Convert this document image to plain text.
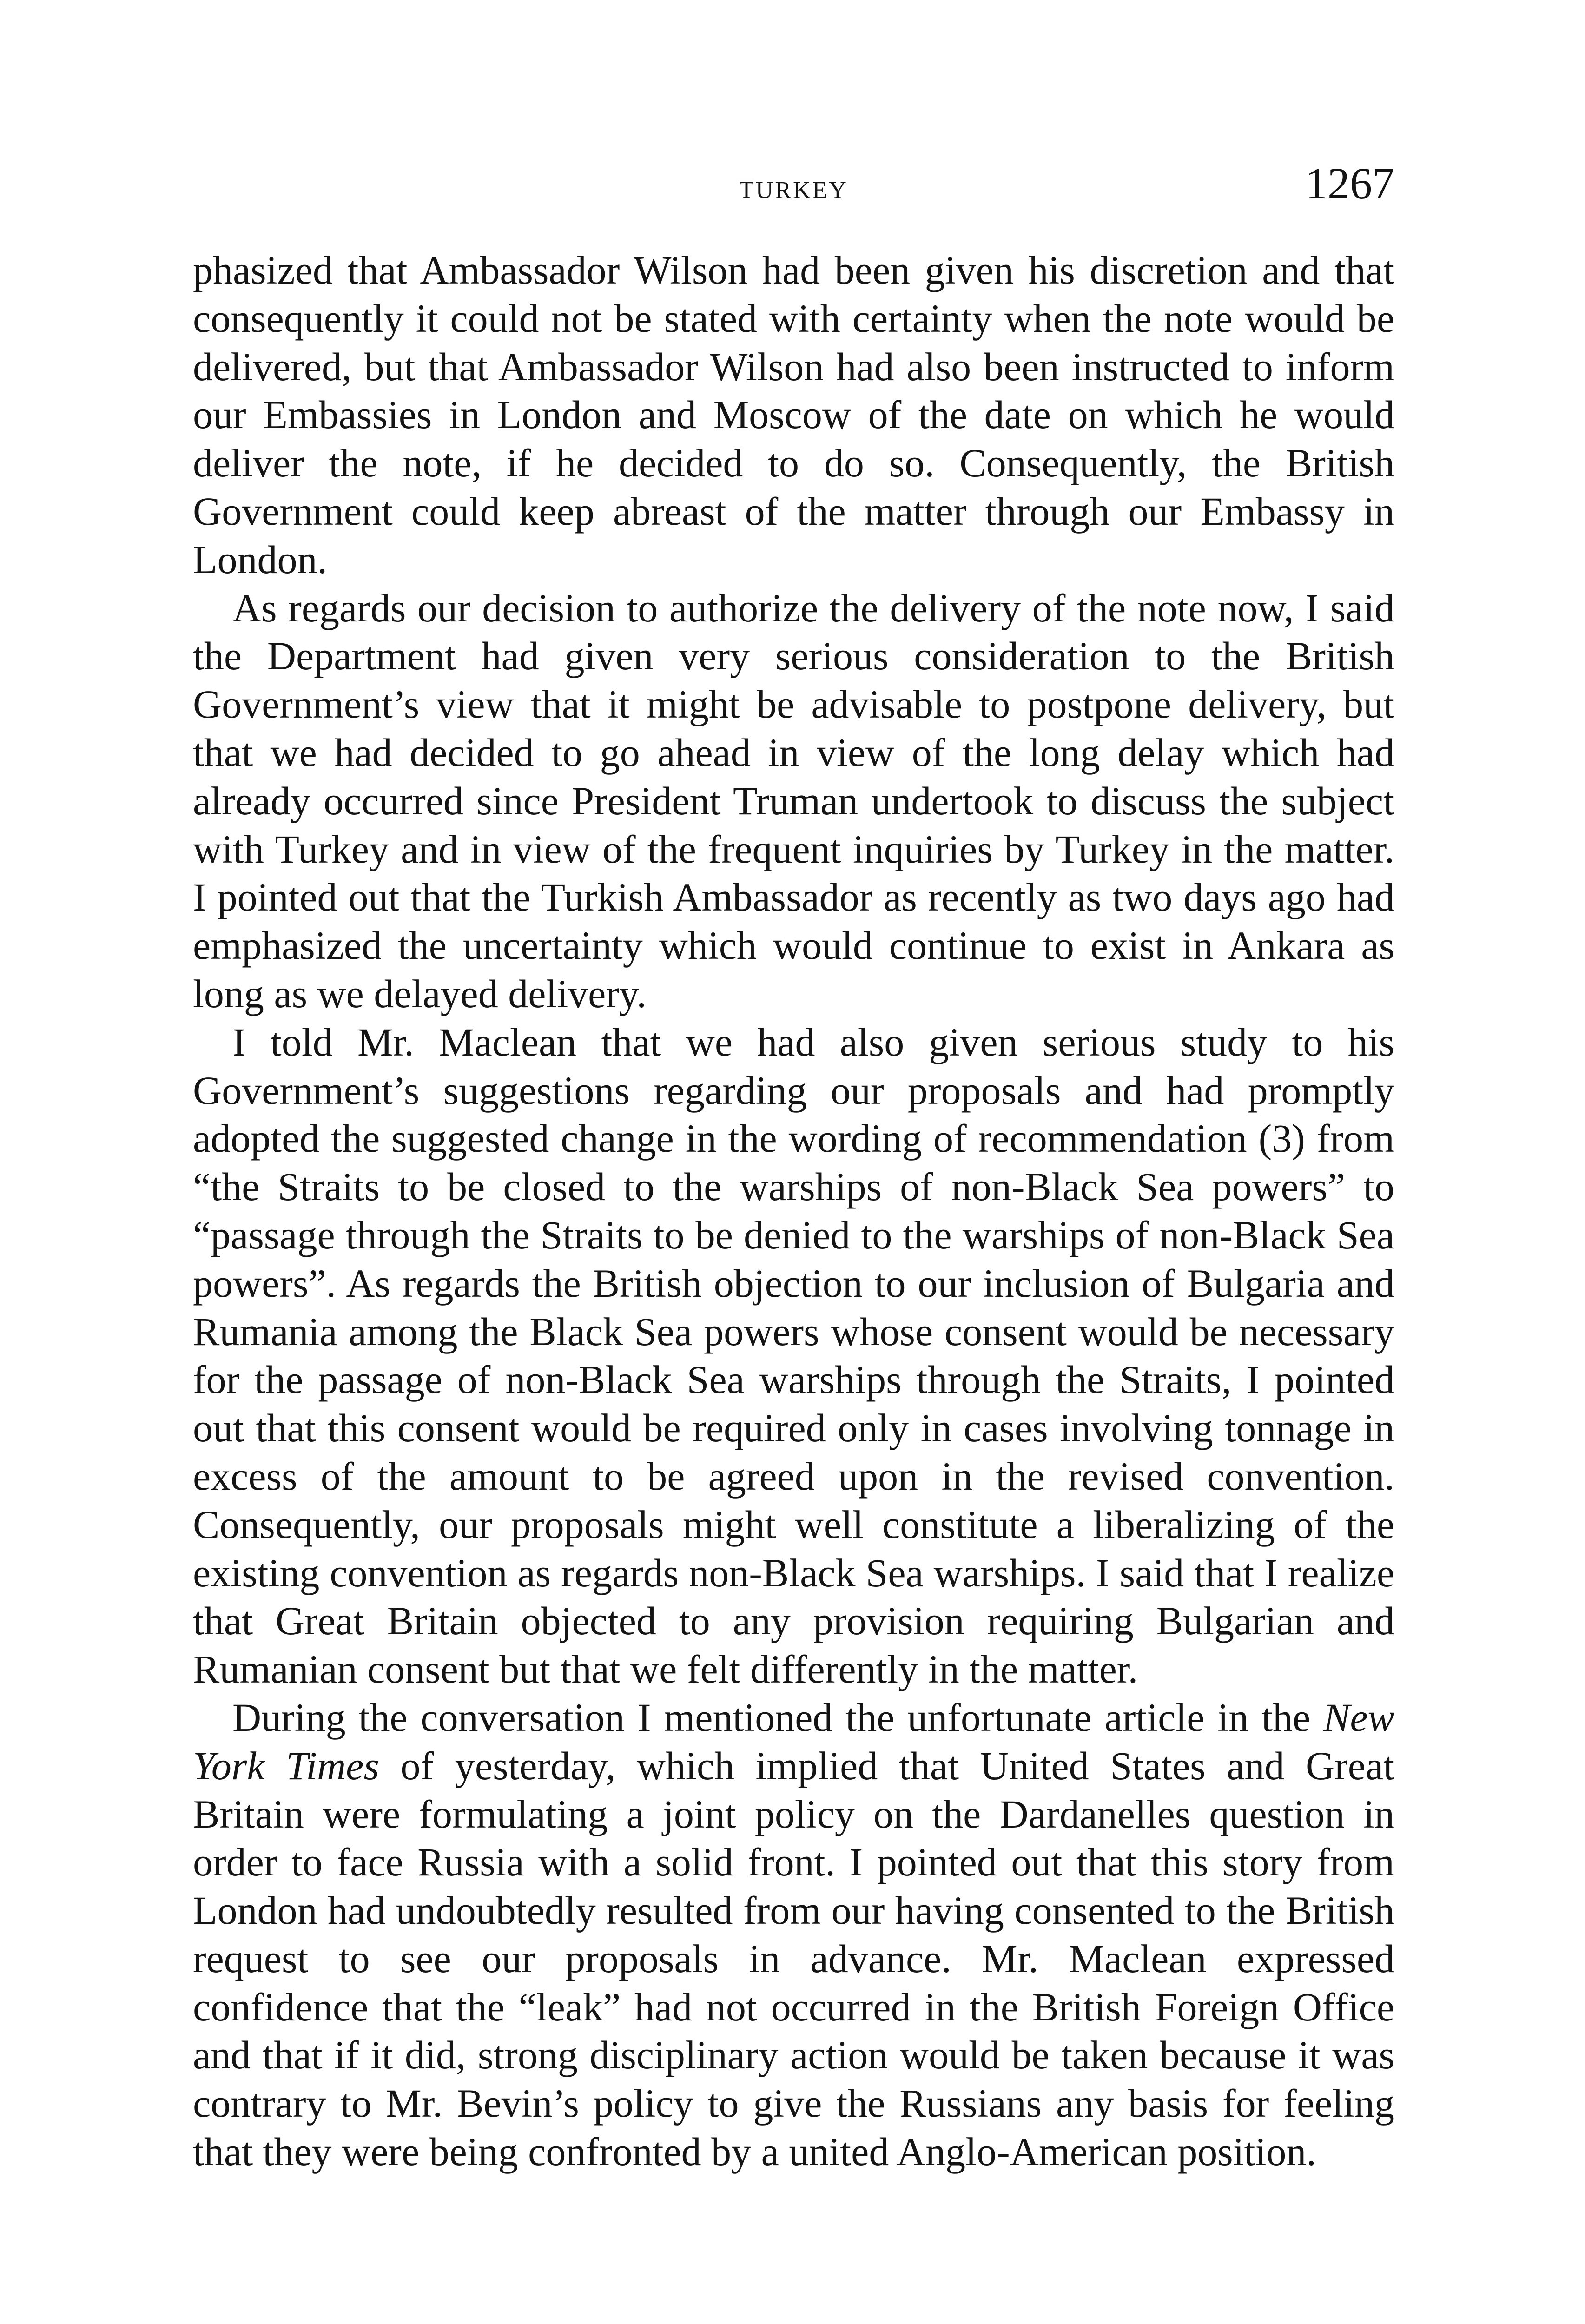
TURKEY	1267

phasized that Ambassador Wilson had been given his discretion and that consequently it could not be stated with certainty when the note would be delivered, but that Ambassador Wilson had also been instructed to inform our Embassies in London and Moscow of the date on which he would deliver the note, if he decided to do so. Consequently, the British Government could keep abreast of the matter through our Embassy in London.

As regards our decision to authorize the delivery of the note now, I said the Department had given very serious consideration to the British Government’s view that it might be advisable to postpone delivery, but that we had decided to go ahead in view of the long delay which had already occurred since President Truman undertook to discuss the subject with Turkey and in view of the frequent inquiries by Turkey in the matter. I pointed out that the Turkish Ambassador as recently as two days ago had emphasized the uncertainty which would continue to exist in Ankara as long as we delayed delivery.

I told Mr. Maclean that we had also given serious study to his Government’s suggestions regarding our proposals and had promptly adopted the suggested change in the wording of recommendation (3) from “the Straits to be closed to the warships of non-Black Sea powers” to “passage through the Straits to be denied to the warships of non-Black Sea powers”. As regards the British objection to our inclusion of Bulgaria and Rumania among the Black Sea powers whose consent would be necessary for the passage of non-Black Sea warships through the Straits, I pointed out that this consent would be required only in cases involving tonnage in excess of the amount to be agreed upon in the revised convention. Consequently, our proposals might well constitute a liberalizing of the existing convention as regards non-Black Sea warships. I said that I realize that Great Britain objected to any provision requiring Bulgarian and Rumanian consent but that we felt differently in the matter.

During the conversation I mentioned the unfortunate article in the New York Times of yesterday, which implied that United States and Great Britain were formulating a joint policy on the Dardanelles question in order to face Russia with a solid front. I pointed out that this story from London had undoubtedly resulted from our having consented to the British request to see our proposals in advance. Mr. Maclean expressed confidence that the “leak” had not occurred in the British Foreign Office and that if it did, strong disciplinary action would be taken because it was contrary to Mr. Bevin’s policy to give the Russians any basis for feeling that they were being confronted by a united Anglo-American position.
